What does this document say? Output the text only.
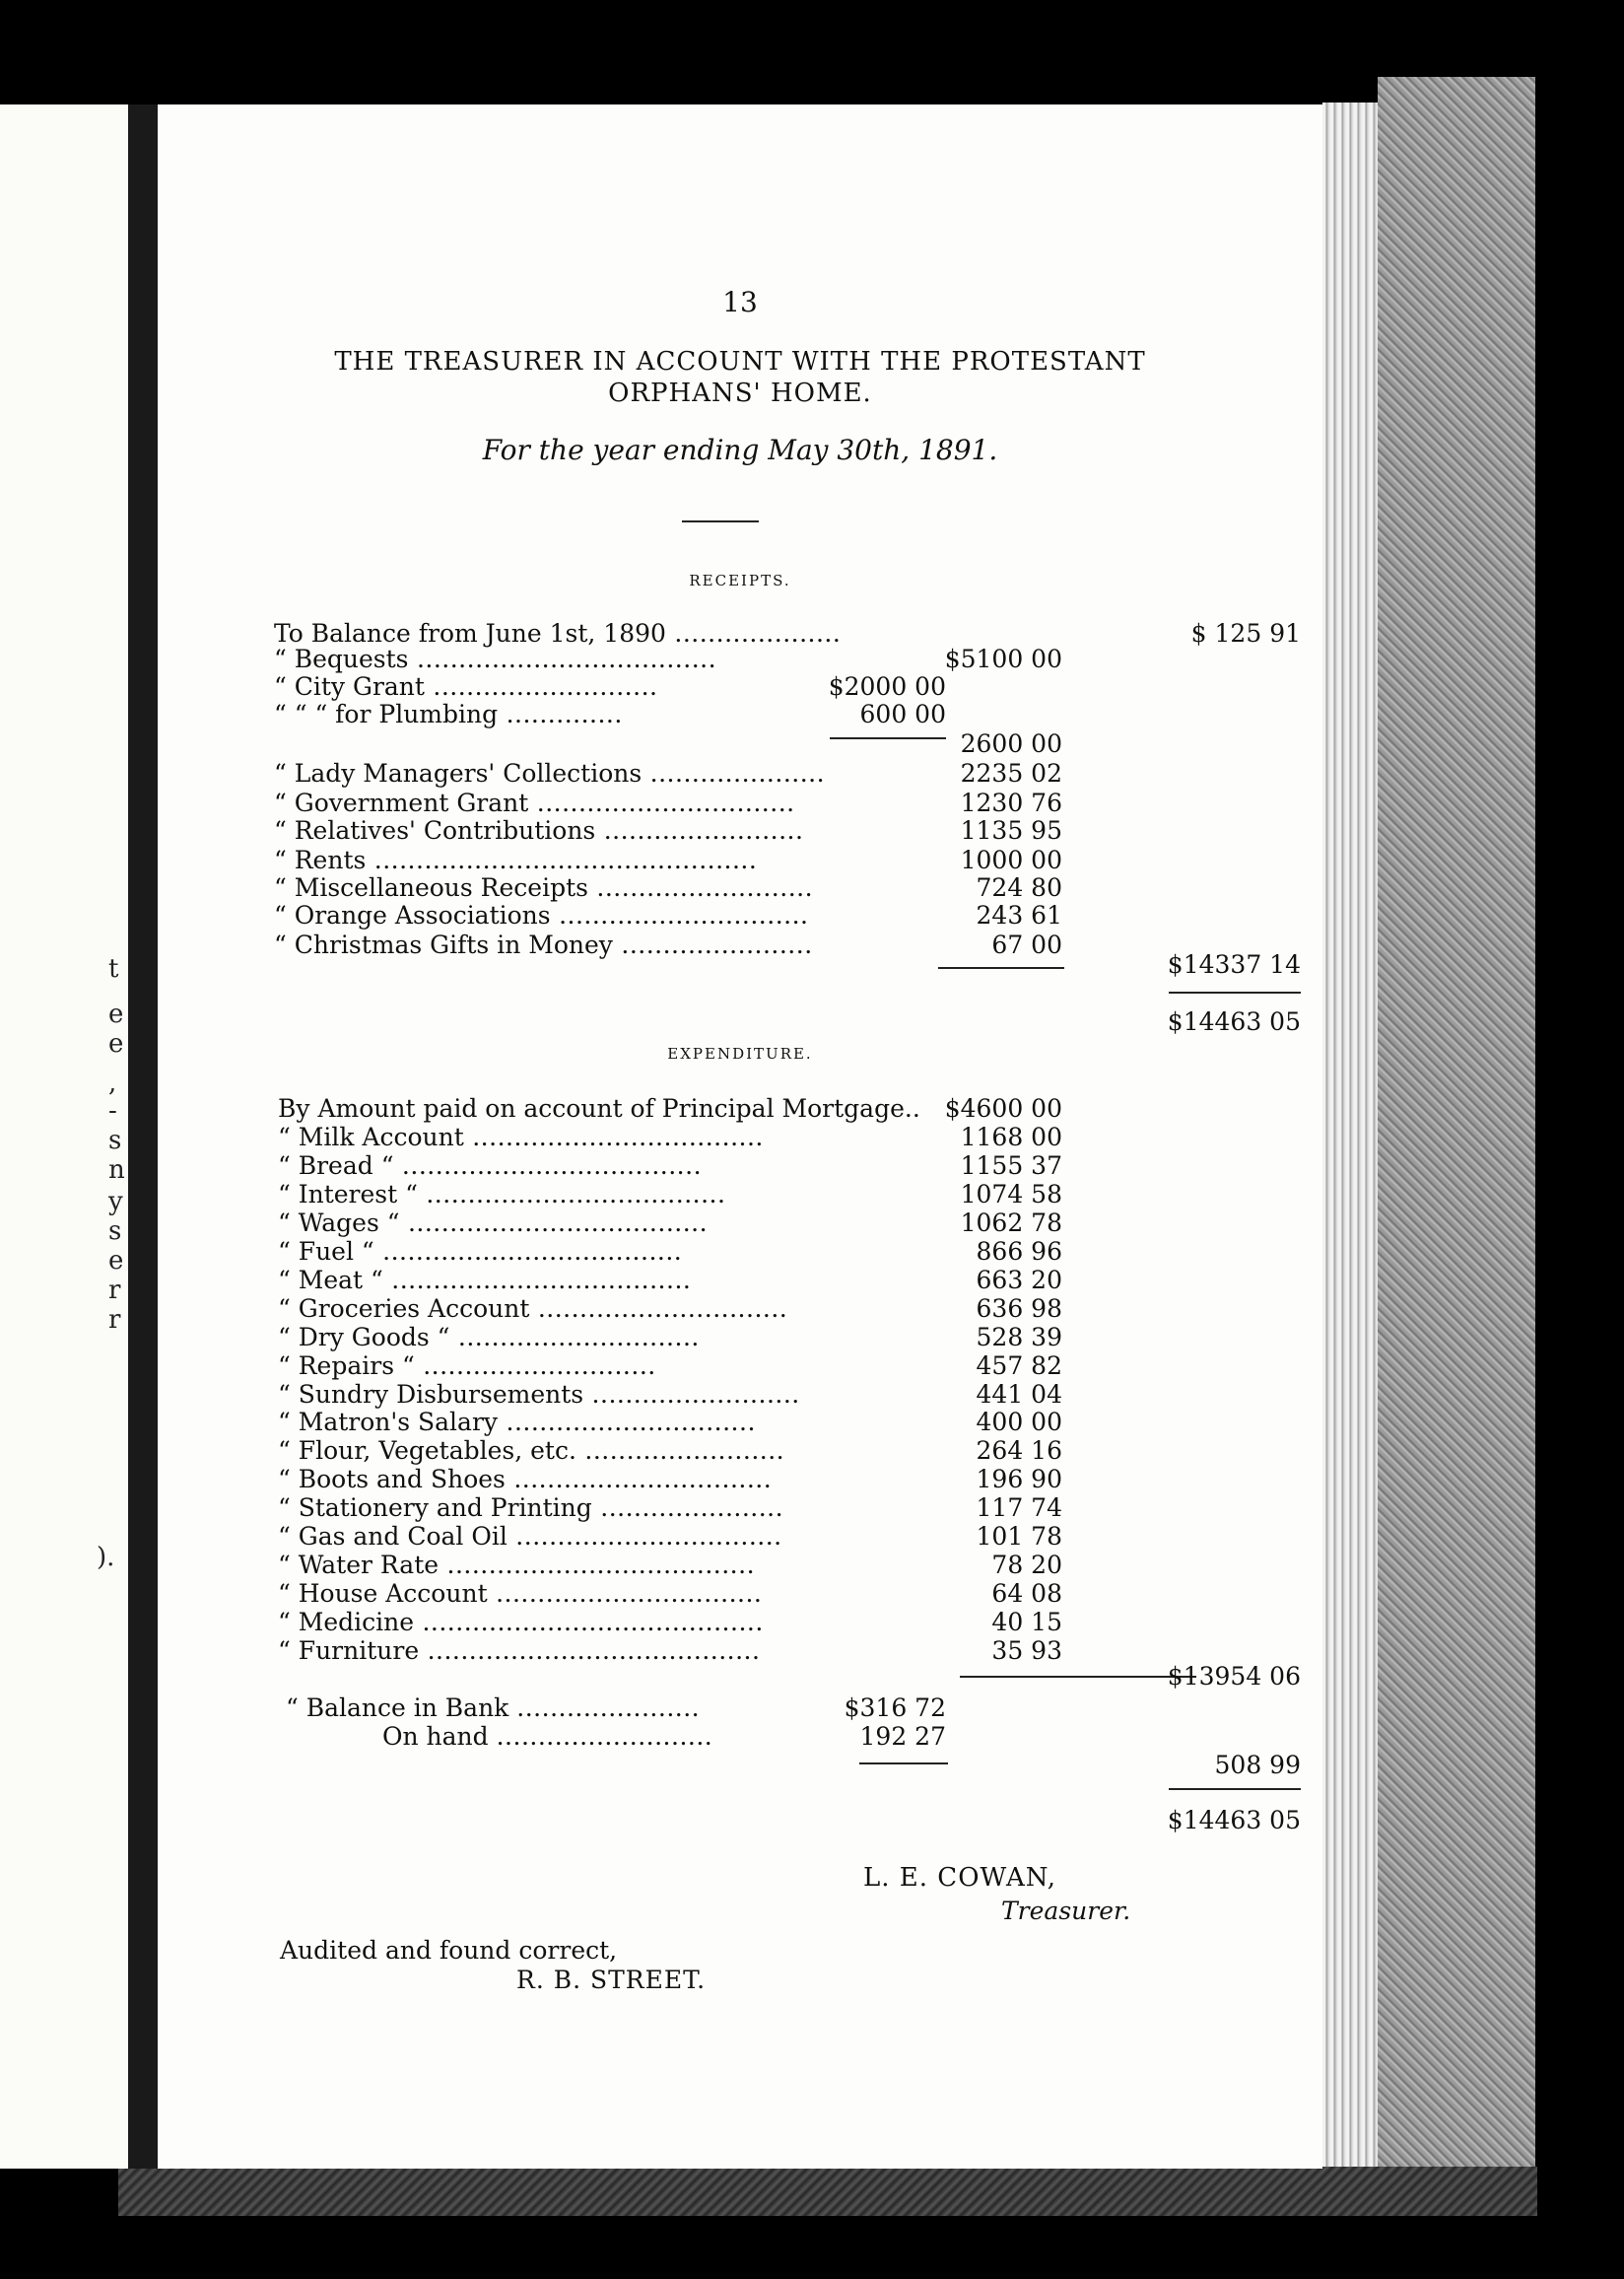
t
e
e
,
-
s
n
y
s
e
r
r
).
13
THE TREASURER IN ACCOUNT WITH THE PROTESTANT
ORPHANS' HOME.
For the year ending May 30th, 1891.
RECEIPTS.
To Balance from June 1st, 1890 ....................	$ 125 91
“ Bequests ....................................	$5100 00
“ City Grant ...........................	$2000 00
“ “ “ for Plumbing ..............	600 00
2600 00
“ Lady Managers' Collections .....................	2235 02
“ Government Grant ...............................	1230 76
“ Relatives' Contributions ........................	1135 95
“ Rents ..............................................	1000 00
“ Miscellaneous Receipts ..........................	724 80
“ Orange Associations ..............................	243 61
“ Christmas Gifts in Money .......................	67 00
$14337 14
$14463 05
EXPENDITURE.
By Amount paid on account of Principal Mortgage.. $4600 00
“ Milk Account ...................................	1168 00
“ Bread “ ....................................	1155 37
“ Interest “ ....................................	1074 58
“ Wages “ ....................................	1062 78
“ Fuel “ ....................................	866 96
“ Meat “ ....................................	663 20
“ Groceries Account ..............................	636 98
“ Dry Goods “ .............................	528 39
“ Repairs “ ............................	457 82
“ Sundry Disbursements .........................	441 04
“ Matron's Salary ..............................	400 00
“ Flour, Vegetables, etc. ........................	264 16
“ Boots and Shoes ...............................	196 90
“ Stationery and Printing ......................	117 74
“ Gas and Coal Oil ................................	101 78
“ Water Rate .....................................	78 20
“ House Account ................................	64 08
“ Medicine .........................................	40 15
“ Furniture ........................................	35 93
$13954 06
“ Balance in Bank ......................	$316 72
On hand ..........................	192 27
508 99
$14463 05
L. E. COWAN,
Treasurer.
Audited and found correct,
R. B. STREET.
